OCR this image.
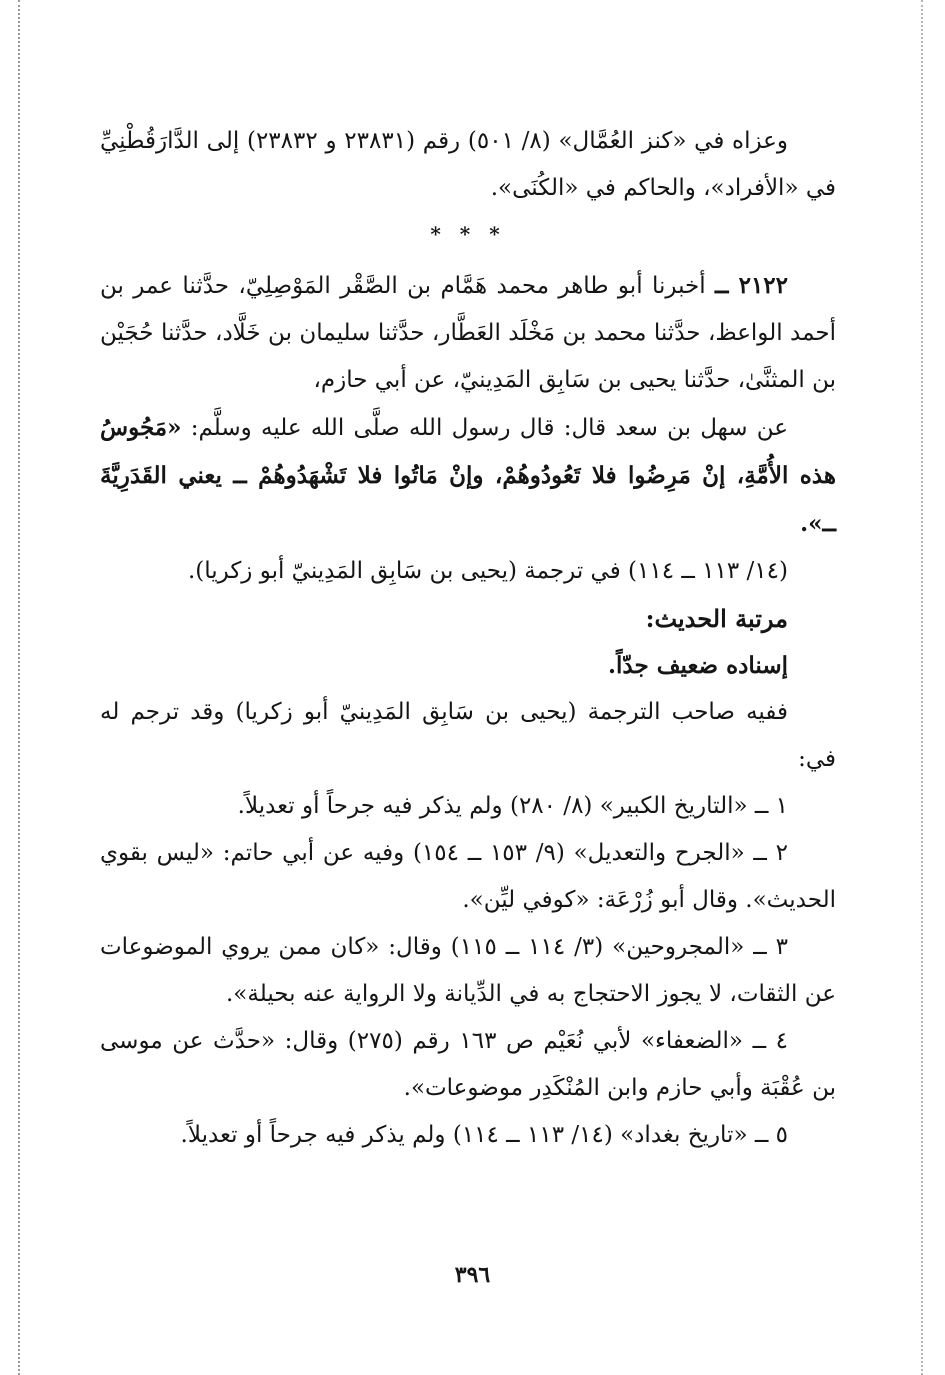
وعزاه في «كنز العُمَّال» (٨/ ٥٠١) رقم (٢٣٨٣١ و ٢٣٨٣٢) إلى الدَّارَقُطْنِيِّ في «الأفراد»، والحاكم في «الكُنَى».

* * *

٢١٢٢ ــ أخبرنا أبو طاهر محمد هَمَّام بن الصَّقْر المَوْصِلِيّ، حدَّثنا عمر بن أحمد الواعظ، حدَّثنا محمد بن مَخْلَد العَطَّار، حدَّثنا سليمان بن خَلَّاد، حدَّثنا حُجَيْن بن المثنَّىٰ، حدَّثنا يحيى بن سَابِق المَدِينيّ، عن أبي حازم،

عن سهل بن سعد قال: قال رسول الله صلَّى الله عليه وسلَّم: «مَجُوسُ هذه الأُمَّةِ، إنْ مَرِضُوا فلا تَعُودُوهُمْ، وإنْ مَاتُوا فلا تَشْهَدُوهُمْ ــ يعني القَدَرِيَّةَ ــ».

(١٤/ ١١٣ ــ ١١٤) في ترجمة (يحيى بن سَابِق المَدِينيّ أبو زكريا).

مرتبة الحديث:

إسناده ضعيف جدّاً.

ففيه صاحب الترجمة (يحيى بن سَابِق المَدِينيّ أبو زكريا) وقد ترجم له في:

١ ــ «التاريخ الكبير» (٨/ ٢٨٠) ولم يذكر فيه جرحاً أو تعديلاً.

٢ ــ «الجرح والتعديل» (٩/ ١٥٣ ــ ١٥٤) وفيه عن أبي حاتم: «ليس بقوي الحديث». وقال أبو زُرْعَة: «كوفي ليِّن».

٣ ــ «المجروحين» (٣/ ١١٤ ــ ١١٥) وقال: «كان ممن يروي الموضوعات عن الثقات، لا يجوز الاحتجاج به في الدِّيانة ولا الرواية عنه بحيلة».

٤ ــ «الضعفاء» لأبي نُعَيْم ص ١٦٣ رقم (٢٧٥) وقال: «حدَّث عن موسى بن عُقْبَة وأبي حازم وابن المُنْكَدِر موضوعات».

٥ ــ «تاريخ بغداد» (١٤/ ١١٣ ــ ١١٤) ولم يذكر فيه جرحاً أو تعديلاً.

٣٩٦
